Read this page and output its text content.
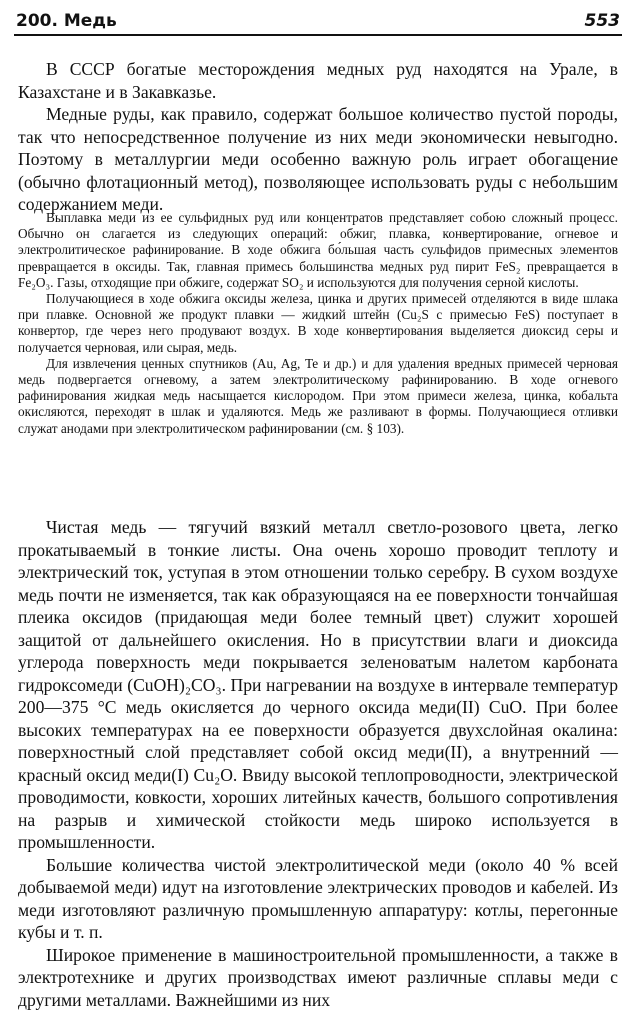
200. Медь	553

В СССР богатые месторождения медных руд находятся на Урале, в Казахстане и в Закавказье.

Медные руды, как правило, содержат большое количество пустой породы, так что непосредственное получение из них меди экономически невыгодно. Поэтому в металлургии меди особенно важную роль играет обогащение (обычно флотационный метод), позволяющее использовать руды с небольшим содержанием меди.

Выплавка меди из ее сульфидных руд или концентратов представляет собою сложный процесс. Обычно он слагается из следующих операций: обжиг, плавка, конвертирование, огневое и электролитическое рафинирование. В ходе обжига бо́льшая часть сульфидов примесных элементов превращается в оксиды. Так, главная примесь большинства медных руд пирит FeS₂ превращается в Fe₂O₃. Газы, отходящие при обжиге, содержат SO₂ и используются для получения серной кислоты.

Получающиеся в ходе обжига оксиды железа, цинка и других примесей отделяются в виде шлака при плавке. Основной же продукт плавки — жидкий штейн (Cu₂S с примесью FeS) поступает в конвертор, где через него продувают воздух. В ходе конвертирования выделяется диоксид серы и получается черновая, или сырая, медь.

Для извлечения ценных спутников (Au, Ag, Te и др.) и для удаления вредных примесей черновая медь подвергается огневому, а затем электролитическому рафинированию. В ходе огневого рафинирования жидкая медь насыщается кислородом. При этом примеси железа, цинка, кобальта окисляются, переходят в шлак и удаляются. Медь же разливают в формы. Получающиеся отливки служат анодами при электролитическом рафинировании (см. § 103).

Чистая медь — тягучий вязкий металл светло-розового цвета, легко прокатываемый в тонкие листы. Она очень хорошо проводит теплоту и электрический ток, уступая в этом отношении только серебру. В сухом воздухе медь почти не изменяется, так как образующаяся на ее поверхности тончайшая плеика оксидов (придающая меди более темный цвет) служит хорошей защитой от дальнейшего окисления. Но в присутствии влаги и диоксида углерода поверхность меди покрывается зеленоватым налетом карбоната гидроксомеди (CuOH)₂CO₃. При нагревании на воздухе в интервале температур 200—375 °C медь окисляется до черного оксида меди(II) CuO. При более высоких температурах на ее поверхности образуется двухслойная окалина: поверхностный слой представляет собой оксид меди(II), а внутренний — красный оксид меди(I) Cu₂O. Ввиду высокой теплопроводности, электрической проводимости, ковкости, хороших литейных качеств, большого сопротивления на разрыв и химической стойкости медь широко используется в промышленности.

Большие количества чистой электролитической меди (около 40 % всей добываемой меди) идут на изготовление электрических проводов и кабелей. Из меди изготовляют различную промышленную аппаратуру: котлы, перегонные кубы и т. п.

Широкое применение в машиностроительной промышленности, а также в электротехнике и других производствах имеют различные сплавы меди с другими металлами. Важнейшими из них
